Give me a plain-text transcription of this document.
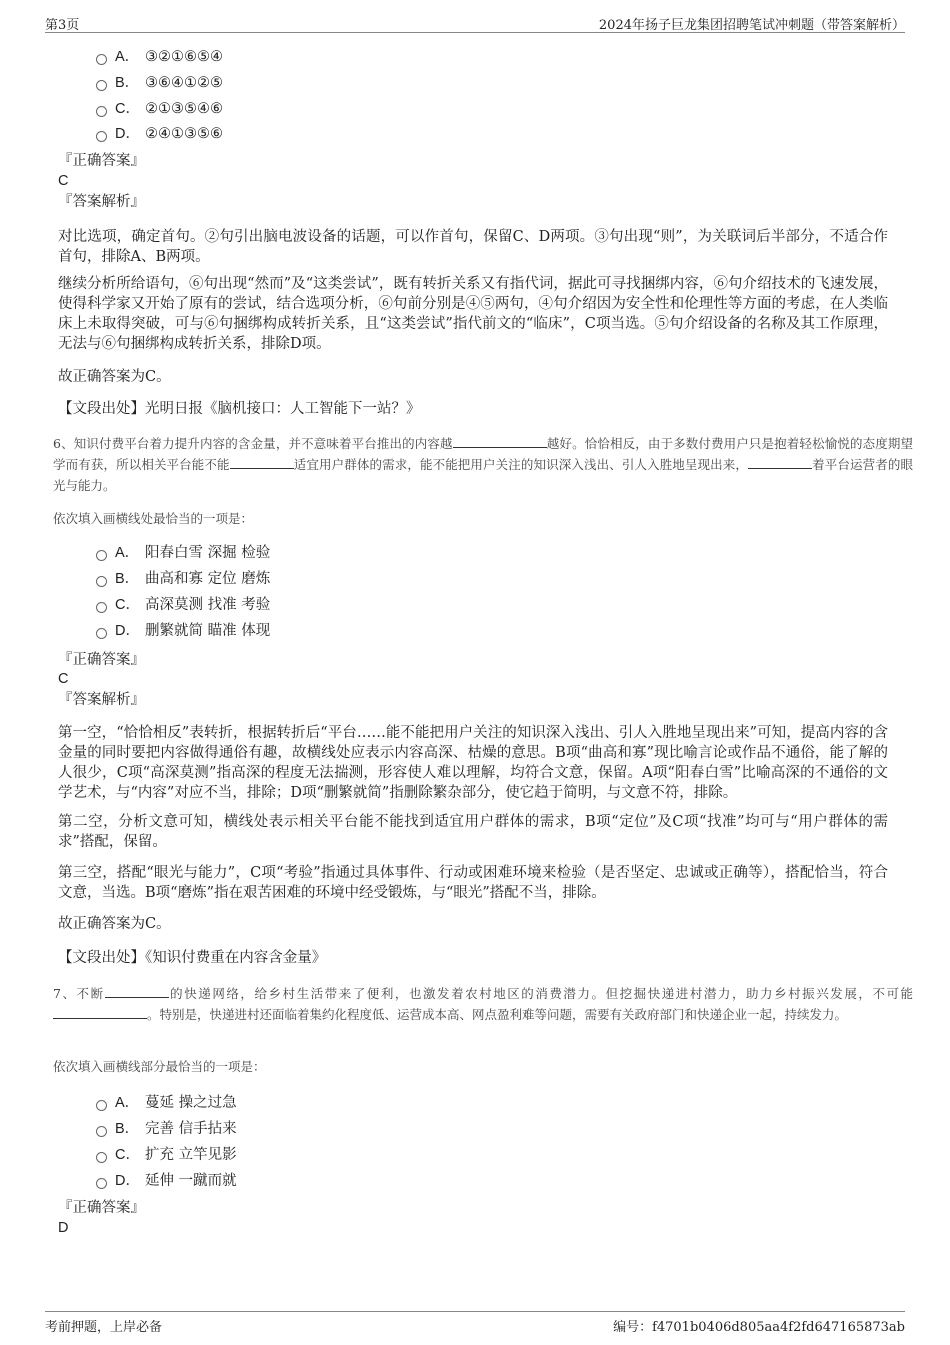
第3页	2024年扬子巨龙集团招聘笔试冲刺题（带答案解析）
A． ③②①⑥⑤④
B． ③⑥④①②⑤
C． ②①③⑤④⑥
D． ②④①③⑤⑥
『正确答案』
C
『答案解析』
对比选项，确定首句。②句引出脑电波设备的话题，可以作首句，保留C、D两项。③句出现“则”，为关联词后半部分，不适合作首句，排除A、B两项。
继续分析所给语句，⑥句出现“然而”及“这类尝试”，既有转折关系又有指代词，据此可寻找捆绑内容，⑥句介绍技术的飞速发展，使得科学家又开始了原有的尝试，结合选项分析，⑥句前分别是④⑤两句，④句介绍因为安全性和伦理性等方面的考虑，在人类临床上未取得突破，可与⑥句捆绑构成转折关系，且“这类尝试”指代前文的“临床”，C项当选。⑤句介绍设备的名称及其工作原理，无法与⑥句捆绑构成转折关系，排除D项。
故正确答案为C。
【文段出处】光明日报《脑机接口：人工智能下一站？》
6、知识付费平台着力提升内容的含金量，并不意味着平台推出的内容越	越好。恰恰相反，由于多数付费用户只是抱着轻松愉悦的态度期望学而有获，所以相关平台能不能	适宜用户群体的需求，能不能把用户关注的知识深入浅出、引人入胜地呈现出来，	着平台运营者的眼光与能力。
依次填入画横线处最恰当的一项是：
A． 阳春白雪 深掘 检验
B． 曲高和寡 定位 磨炼
C． 高深莫测 找准 考验
D． 删繁就简 瞄准 体现
『正确答案』
C
『答案解析』
第一空，“恰恰相反”表转折，根据转折后“平台……能不能把用户关注的知识深入浅出、引人入胜地呈现出来”可知，提高内容的含金量的同时要把内容做得通俗有趣，故横线处应表示内容高深、枯燥的意思。B项“曲高和寡”现比喻言论或作品不通俗，能了解的人很少，C项“高深莫测”指高深的程度无法揣测，形容使人难以理解，均符合文意，保留。A项“阳春白雪”比喻高深的不通俗的文学艺术，与“内容”对应不当，排除；D项“删繁就简”指删除繁杂部分，使它趋于简明，与文意不符，排除。
第二空，分析文意可知，横线处表示相关平台能不能找到适宜用户群体的需求，B项“定位”及C项“找准”均可与“用户群体的需求”搭配，保留。
第三空，搭配“眼光与能力”，C项“考验”指通过具体事件、行动或困难环境来检验（是否坚定、忠诚或正确等），搭配恰当，符合文意，当选。B项“磨炼”指在艰苦困难的环境中经受锻炼，与“眼光”搭配不当，排除。
故正确答案为C。
【文段出处】《知识付费重在内容含金量》
7、不断	的快递网络，给乡村生活带来了便利，也激发着农村地区的消费潜力。但挖掘快递进村潜力，助力乡村振兴发展，不可能。特别是，快递进村还面临着集约化程度低、运营成本高、网点盈利难等问题，需要有关政府部门和快递企业一起，持续发力。
依次填入画横线部分最恰当的一项是：
A． 蔓延 操之过急
B． 完善 信手拈来
C． 扩充 立竿见影
D． 延伸 一蹴而就
『正确答案』
D
考前押题，上岸必备	编号：f4701b0406d805aa4f2fd647165873ab
